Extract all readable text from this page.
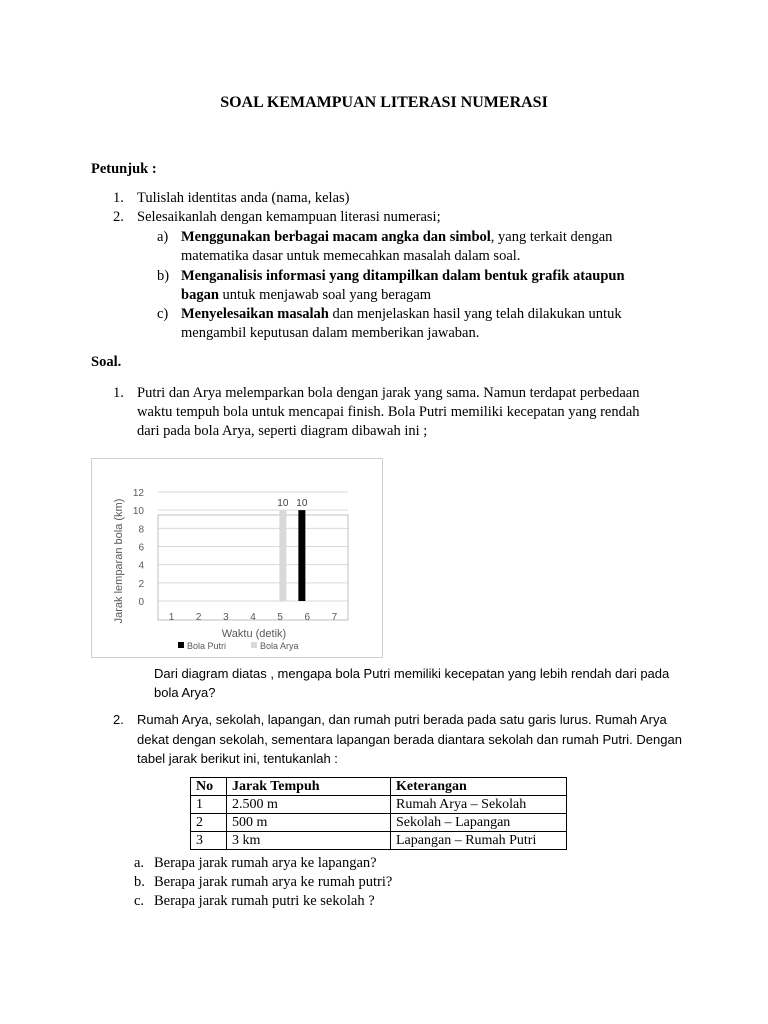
SOAL KEMAMPUAN LITERASI NUMERASI
Petunjuk :
1. Tulislah identitas anda (nama, kelas)
2. Selesaikanlah dengan kemampuan literasi numerasi;
a) Menggunakan berbagai macam angka dan simbol, yang terkait dengan
matematika dasar untuk memecahkan masalah dalam soal.
b) Menganalisis informasi yang ditampilkan dalam bentuk grafik ataupun
bagan untuk menjawab soal yang beragam
c) Menyelesaikan masalah dan menjelaskan hasil yang telah dilakukan untuk
mengambil keputusan dalam memberikan jawaban.
Soal.
1. Putri dan Arya melemparkan bola dengan jarak yang sama. Namun terdapat perbedaan
waktu tempuh bola untuk mencapai finish. Bola Putri memiliki kecepatan yang rendah
dari pada bola Arya, seperti diagram dibawah ini ;
0
2
4
6
8
10
12
1 2 3 4 5 6 7
10
10
Jarak lemparan bola (km)
Waktu (detik)
Bola Putri	Bola Arya
Dari diagram diatas , mengapa bola Putri memiliki kecepatan yang lebih rendah dari pada
bola Arya?
2. Rumah Arya, sekolah, lapangan, dan rumah putri berada pada satu garis lurus. Rumah Arya
dekat dengan sekolah, sementara lapangan berada diantara sekolah dan rumah Putri. Dengan
tabel jarak berikut ini, tentukanlah :
No	Jarak Tempuh	Keterangan
1	2.500 m	Rumah Arya – Sekolah
2	500 m	Sekolah – Lapangan
3	3 km	Lapangan – Rumah Putri
a. Berapa jarak rumah arya ke lapangan?
b. Berapa jarak rumah arya ke rumah putri?
c. Berapa jarak rumah putri ke sekolah ?
